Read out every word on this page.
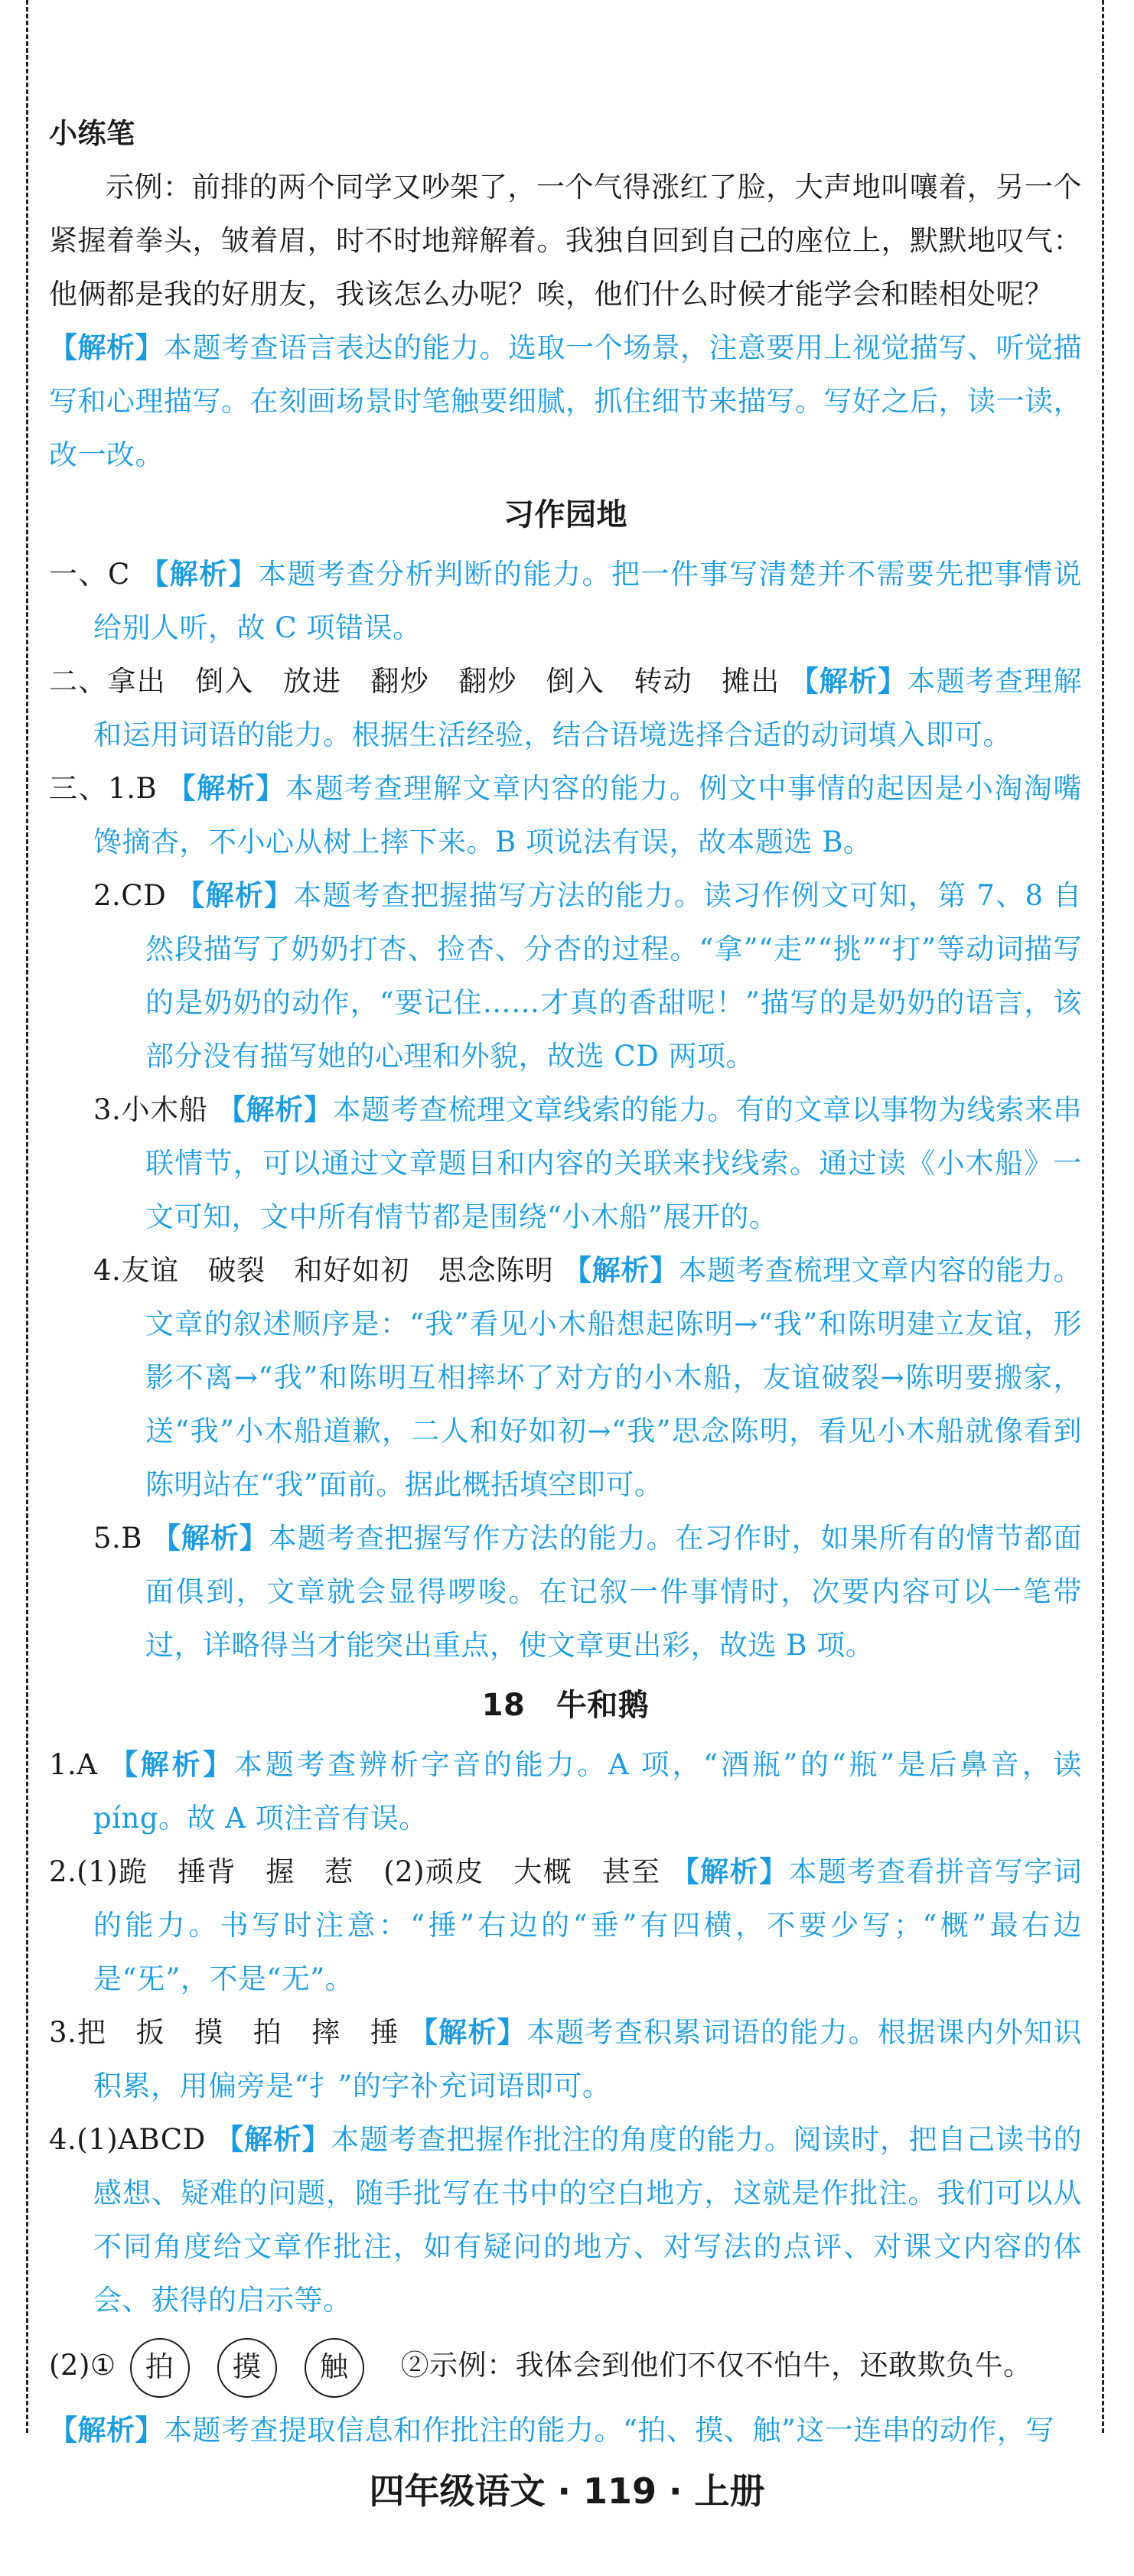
小练笔

示例：前排的两个同学又吵架了，一个气得涨红了脸，大声地叫嚷着，另一个紧握着拳头，皱着眉，时不时地辩解着。我独自回到自己的座位上，默默地叹气：他俩都是我的好朋友，我该怎么办呢？唉，他们什么时候才能学会和睦相处呢？

【解析】本题考查语言表达的能力。选取一个场景，注意要用上视觉描写、听觉描写和心理描写。在刻画场景时笔触要细腻，抓住细节来描写。写好之后，读一读，改一改。

习作园地

一、C 【解析】本题考查分析判断的能力。把一件事写清楚并不需要先把事情说给别人听，故 C 项错误。

二、拿出　倒入　放进　翻炒　翻炒　倒入　转动　摊出 【解析】本题考查理解和运用词语的能力。根据生活经验，结合语境选择合适的动词填入即可。

三、1.B 【解析】本题考查理解文章内容的能力。例文中事情的起因是小淘淘嘴馋摘杏，不小心从树上摔下来。B 项说法有误，故本题选 B。

2.CD 【解析】本题考查把握描写方法的能力。读习作例文可知，第 7、8 自然段描写了奶奶打杏、捡杏、分杏的过程。“拿”“走”“挑”“打”等动词描写的是奶奶的动作，“要记住……才真的香甜呢！”描写的是奶奶的语言，该部分没有描写她的心理和外貌，故选 CD 两项。

3.小木船 【解析】本题考查梳理文章线索的能力。有的文章以事物为线索来串联情节，可以通过文章题目和内容的关联来找线索。通过读《小木船》一文可知，文中所有情节都是围绕“小木船”展开的。

4.友谊　破裂　和好如初　思念陈明 【解析】本题考查梳理文章内容的能力。文章的叙述顺序是：“我”看见小木船想起陈明→“我”和陈明建立友谊，形影不离→“我”和陈明互相摔坏了对方的小木船，友谊破裂→陈明要搬家，送“我”小木船道歉，二人和好如初→“我”思念陈明，看见小木船就像看到陈明站在“我”面前。据此概括填空即可。

5.B 【解析】本题考查把握写作方法的能力。在习作时，如果所有的情节都面面俱到，文章就会显得啰唆。在记叙一件事情时，次要内容可以一笔带过，详略得当才能突出重点，使文章更出彩，故选 B 项。

18　牛和鹅

1.A 【解析】本题考查辨析字音的能力。A 项，“酒瓶”的“瓶”是后鼻音，读 píng。故 A 项注音有误。

2.(1)跪　捶背　握　惹　(2)顽皮　大概　甚至 【解析】本题考查看拼音写字词的能力。书写时注意：“捶”右边的“垂”有四横，不要少写；“概”最右边是“旡”，不是“无”。

3.把　扳　摸　拍　摔　捶 【解析】本题考查积累词语的能力。根据课内外知识积累，用偏旁是“扌”的字补充词语即可。

4.(1)ABCD 【解析】本题考查把握作批注的角度的能力。阅读时，把自己读书的感想、疑难的问题，随手批写在书中的空白地方，这就是作批注。我们可以从不同角度给文章作批注，如有疑问的地方、对写法的点评、对课文内容的体会、获得的启示等。

(2)① 拍 摸 触 ②示例：我体会到他们不仅不怕牛，还敢欺负牛。

【解析】本题考查提取信息和作批注的能力。“拍、摸、触”这一连串的动作，写

四年级语文 · 119 · 上册
